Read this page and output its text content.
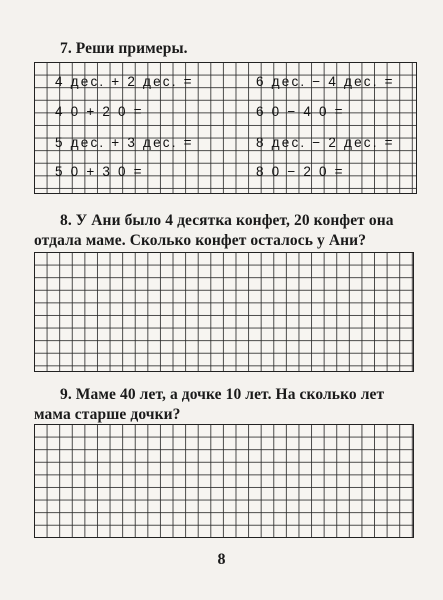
7. Реши примеры.
4 дес. + 2 дес. =
4 0 + 2 0 =
5 дес. + 3 дес. =
5 0 + 3 0 =
6 дес. − 4 дес. =
6 0 − 4 0 =
8 дес. − 2 дес. =
8 0 − 2 0 =
8. У Ани было 4 десятка конфет, 20 конфет она
отдала маме. Сколько конфет осталось у Ани?
9. Маме 40 лет, а дочке 10 лет. На сколько лет
мама старше дочки?
8
